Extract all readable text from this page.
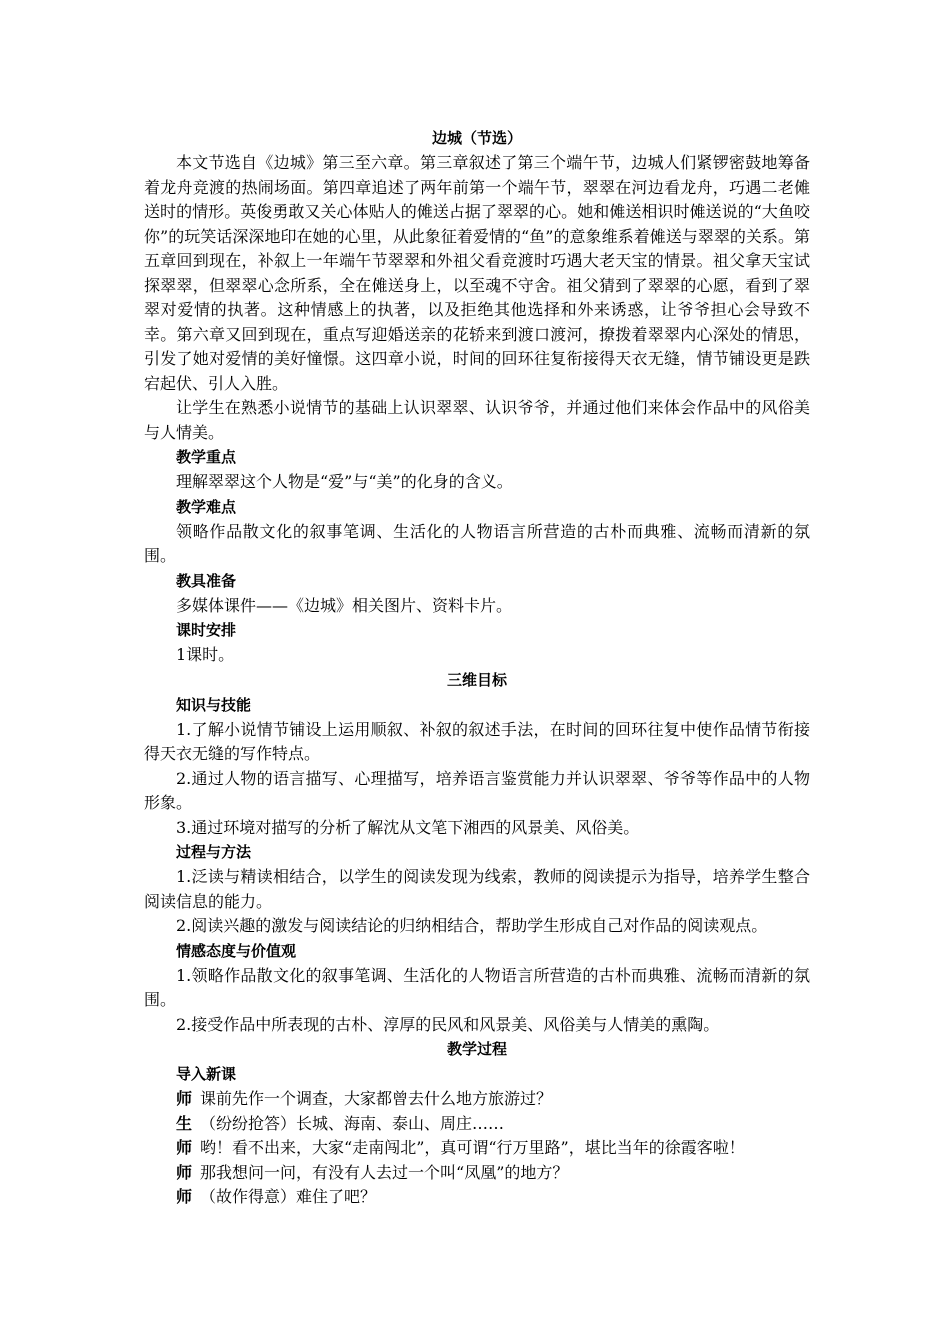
边城（节选）

本文节选自《边城》第三至六章。第三章叙述了第三个端午节，边城人们紧锣密鼓地筹备着龙舟竞渡的热闹场面。第四章追述了两年前第一个端午节，翠翠在河边看龙舟，巧遇二老傩送时的情形。英俊勇敢又关心体贴人的傩送占据了翠翠的心。她和傩送相识时傩送说的“大鱼咬你”的玩笑话深深地印在她的心里，从此象征着爱情的“鱼”的意象维系着傩送与翠翠的关系。第五章回到现在，补叙上一年端午节翠翠和外祖父看竞渡时巧遇大老天宝的情景。祖父拿天宝试探翠翠，但翠翠心念所系，全在傩送身上，以至魂不守舍。祖父猜到了翠翠的心愿，看到了翠翠对爱情的执著。这种情感上的执著，以及拒绝其他选择和外来诱惑，让爷爷担心会导致不幸。第六章又回到现在，重点写迎婚送亲的花轿来到渡口渡河，撩拨着翠翠内心深处的情思，引发了她对爱情的美好憧憬。这四章小说，时间的回环往复衔接得天衣无缝，情节铺设更是跌宕起伏、引人入胜。

让学生在熟悉小说情节的基础上认识翠翠、认识爷爷，并通过他们来体会作品中的风俗美与人情美。

教学重点

理解翠翠这个人物是“爱”与“美”的化身的含义。

教学难点

领略作品散文化的叙事笔调、生活化的人物语言所营造的古朴而典雅、流畅而清新的氛围。

教具准备

多媒体课件——《边城》相关图片、资料卡片。

课时安排

1课时。

三维目标
知识与技能

1.了解小说情节铺设上运用顺叙、补叙的叙述手法，在时间的回环往复中使作品情节衔接得天衣无缝的写作特点。

2.通过人物的语言描写、心理描写，培养语言鉴赏能力并认识翠翠、爷爷等作品中的人物形象。

3.通过环境对描写的分析了解沈从文笔下湘西的风景美、风俗美。

过程与方法

1.泛读与精读相结合，以学生的阅读发现为线索，教师的阅读提示为指导，培养学生整合阅读信息的能力。

2.阅读兴趣的激发与阅读结论的归纳相结合，帮助学生形成自己对作品的阅读观点。

情感态度与价值观

1.领略作品散文化的叙事笔调、生活化的人物语言所营造的古朴而典雅、流畅而清新的氛围。

2.接受作品中所表现的古朴、淳厚的民风和风景美、风俗美与人情美的熏陶。

教学过程
导入新课
师 课前先作一个调查，大家都曾去什么地方旅游过？
生 （纷纷抢答）长城、海南、泰山、周庄……
师 哟！看不出来，大家“走南闯北”，真可谓“行万里路”，堪比当年的徐霞客啦！
师 那我想问一问，有没有人去过一个叫“凤凰”的地方？
师 （故作得意）难住了吧？
